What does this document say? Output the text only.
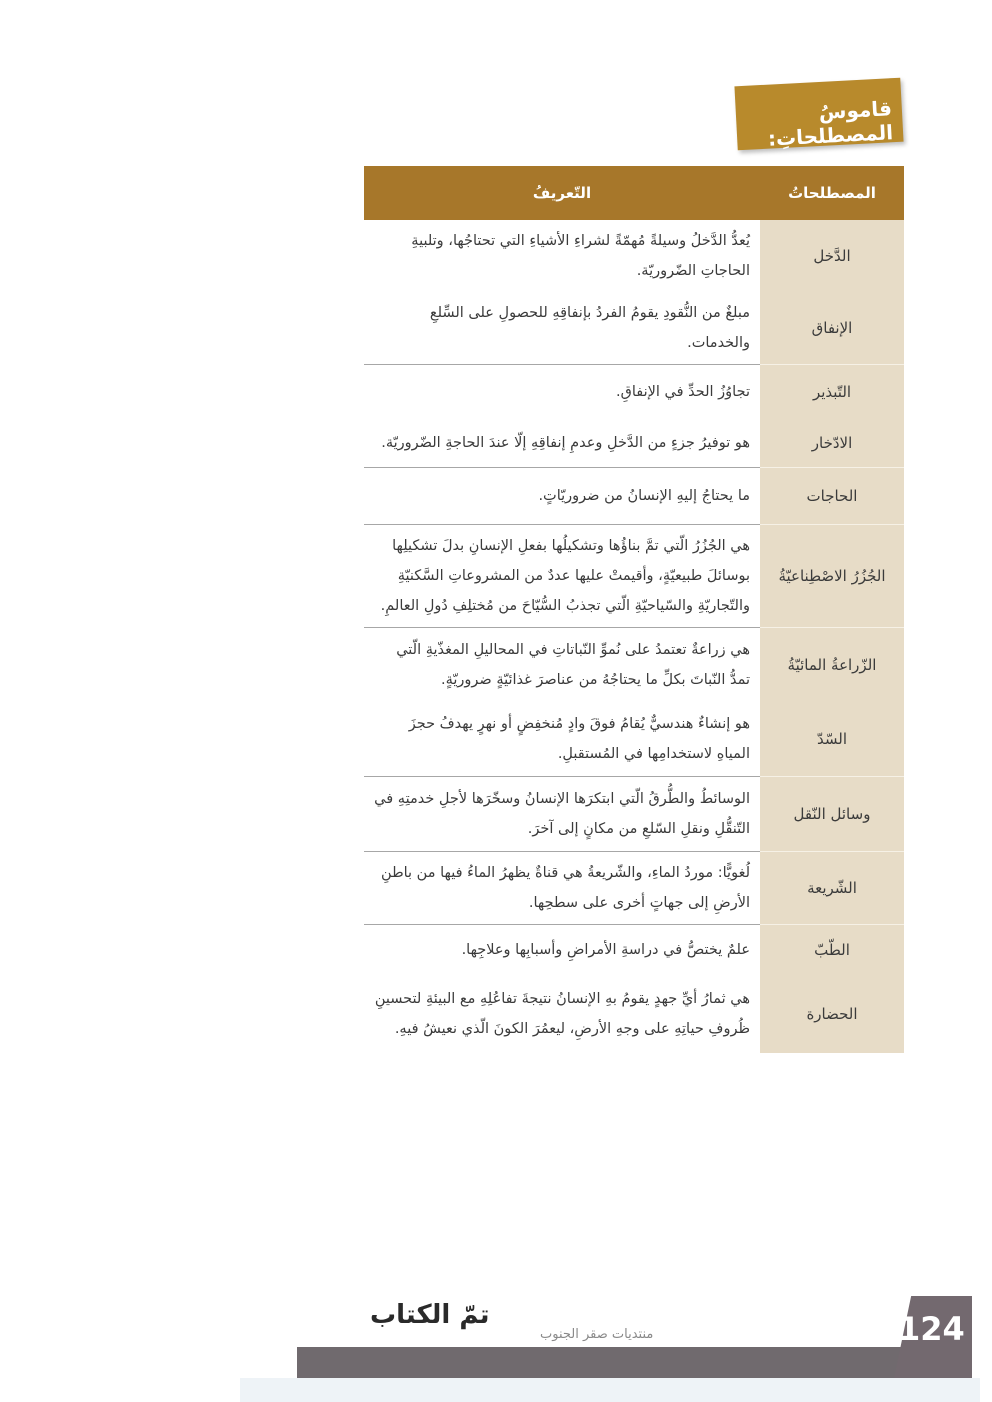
قاموسُ المصطلحاتِ:
المصطلحاتُ	التّعريفُ
الدَّخل	يُعدُّ الدَّخلُ وسيلةً مُهمّةً لشراءِ الأشياءِ التي تحتاجُها، وتلبيةِ الحاجاتِ الضّروريّة.
الإنفاق	مبلغٌ من النُّقودِ يقومُ الفردُ بإنفاقِهِ للحصولِ على السِّلعِ والخدمات.
التّبذير	تجاوُزُ الحدِّ في الإنفاقِ.
الادّخار	هو توفيرُ جزءٍ من الدَّخلِ وعدمِ إنفاقِهِ إلّا عندَ الحاجةِ الضّروريّة.
الحاجات	ما يحتاجُ إليهِ الإنسانُ من ضروريّاتٍ.
الجُزُرُ الاصْطِناعيّةُ	هي الجُزُرُ الّتي تمَّ بناؤُها وتشكيلُها بفعلِ الإنسانِ بدلَ تشكيلِها بوسائلَ طبيعيّةٍ، وأقيمتْ عليها عددٌ من المشروعاتِ السَّكنيّةِ والتّجاريّةِ والسّياحيّةِ الّتي تجذبُ السُّيّاحَ من مُختلِفِ دُولِ العالمِ.
الزّراعةُ المائيّةُ	هي زراعةٌ تعتمدُ على نُموِّ النّباتاتِ في المحاليلِ المغذّيةِ الّتي تمدُّ النّباتَ بكلِّ ما يحتاجُهُ من عناصرَ غذائيّةٍ ضروريّةٍ.
السّدّ	هو إنشاءٌ هندسيٌّ يُقامُ فوقَ وادٍ مُنخفِضٍ أو نهرٍ يهدفُ حجزَ المياهِ لاستخدامِها في المُستقبلِ.
وسائل النّقل	الوسائطُ والطُّرقُ الّتي ابتكرَها الإنسانُ وسخّرَها لأجلِ خدمتِهِ في التّنقُّلِ ونقلِ السّلعِ من مكانٍ إلى آخرَ.
الشّريعة	لُغويًّا: موردُ الماءِ، والشّريعةُ هي قناةٌ يظهرُ الماءُ فيها من باطنِ الأرضِ إلى جهاتٍ أخرى على سطحِها.
الطّبّ	علمٌ يختصُّ في دراسةِ الأمراضِ وأسبابِها وعلاجِها.
الحضارة	هي ثمارُ أيِّ جهدٍ يقومُ بهِ الإنسانُ نتيجةَ تفاعُلِهِ مع البيئةِ لتحسينِ ظُروفِ حياتِهِ على وجهِ الأرضِ، ليعمُرَ الكونَ الّذي نعيشُ فيهِ.
124
تمّ الكتاب
منتديات صقر الجنوب
